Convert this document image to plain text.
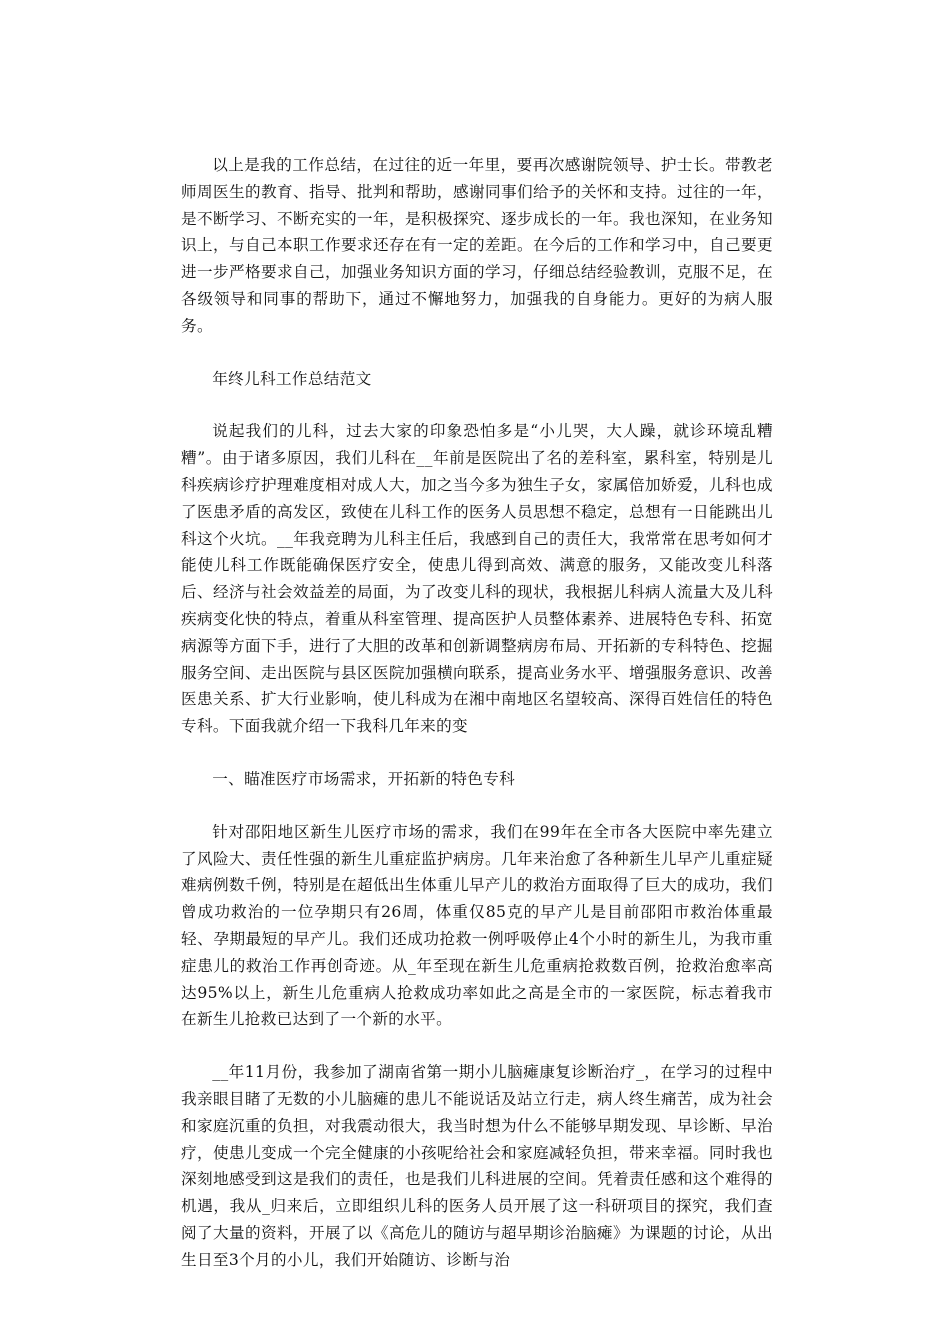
以上是我的工作总结，在过往的近一年里，要再次感谢院领导、护士长。带教老师周医生的教育、指导、批判和帮助，感谢同事们给予的关怀和支持。过往的一年，是不断学习、不断充实的一年，是积极探究、逐步成长的一年。我也深知，在业务知识上，与自己本职工作要求还存在有一定的差距。在今后的工作和学习中，自己要更进一步严格要求自己，加强业务知识方面的学习，仔细总结经验教训，克服不足，在各级领导和同事的帮助下，通过不懈地努力，加强我的自身能力。更好的为病人服务。

年终儿科工作总结范文

说起我们的儿科，过去大家的印象恐怕多是“小儿哭，大人躁，就诊环境乱糟糟”。由于诸多原因，我们儿科在__年前是医院出了名的差科室，累科室，特别是儿科疾病诊疗护理难度相对成人大，加之当今多为独生子女，家属倍加娇爱，儿科也成了医患矛盾的高发区，致使在儿科工作的医务人员思想不稳定，总想有一日能跳出儿科这个火坑。__年我竞聘为儿科主任后，我感到自己的责任大，我常常在思考如何才能使儿科工作既能确保医疗安全，使患儿得到高效、满意的服务，又能改变儿科落后、经济与社会效益差的局面，为了改变儿科的现状，我根据儿科病人流量大及儿科疾病变化快的特点，着重从科室管理、提高医护人员整体素养、进展特色专科、拓宽病源等方面下手，进行了大胆的改革和创新调整病房布局、开拓新的专科特色、挖掘服务空间、走出医院与县区医院加强横向联系，提高业务水平、增强服务意识、改善医患关系、扩大行业影响，使儿科成为在湘中南地区名望较高、深得百姓信任的特色专科。下面我就介绍一下我科几年来的变

一、瞄准医疗市场需求，开拓新的特色专科

针对邵阳地区新生儿医疗市场的需求，我们在99年在全市各大医院中率先建立了风险大、责任性强的新生儿重症监护病房。几年来治愈了各种新生儿早产儿重症疑难病例数千例，特别是在超低出生体重儿早产儿的救治方面取得了巨大的成功，我们曾成功救治的一位孕期只有26周，体重仅85克的早产儿是目前邵阳市救治体重最轻、孕期最短的早产儿。我们还成功抢救一例呼吸停止4个小时的新生儿，为我市重症患儿的救治工作再创奇迹。从_年至现在新生儿危重病抢救数百例，抢救治愈率高达95%以上，新生儿危重病人抢救成功率如此之高是全市的一家医院，标志着我市在新生儿抢救已达到了一个新的水平。

__年11月份，我参加了湖南省第一期小儿脑瘫康复诊断治疗_，在学习的过程中我亲眼目睹了无数的小儿脑瘫的患儿不能说话及站立行走，病人终生痛苦，成为社会和家庭沉重的负担，对我震动很大，我当时想为什么不能够早期发现、早诊断、早治疗，使患儿变成一个完全健康的小孩呢给社会和家庭减轻负担，带来幸福。同时我也深刻地感受到这是我们的责任，也是我们儿科进展的空间。凭着责任感和这个难得的机遇，我从_归来后，立即组织儿科的医务人员开展了这一科研项目的探究，我们查阅了大量的资料，开展了以《高危儿的随访与超早期诊治脑瘫》为课题的讨论，从出生日至3个月的小儿，我们开始随访、诊断与治
